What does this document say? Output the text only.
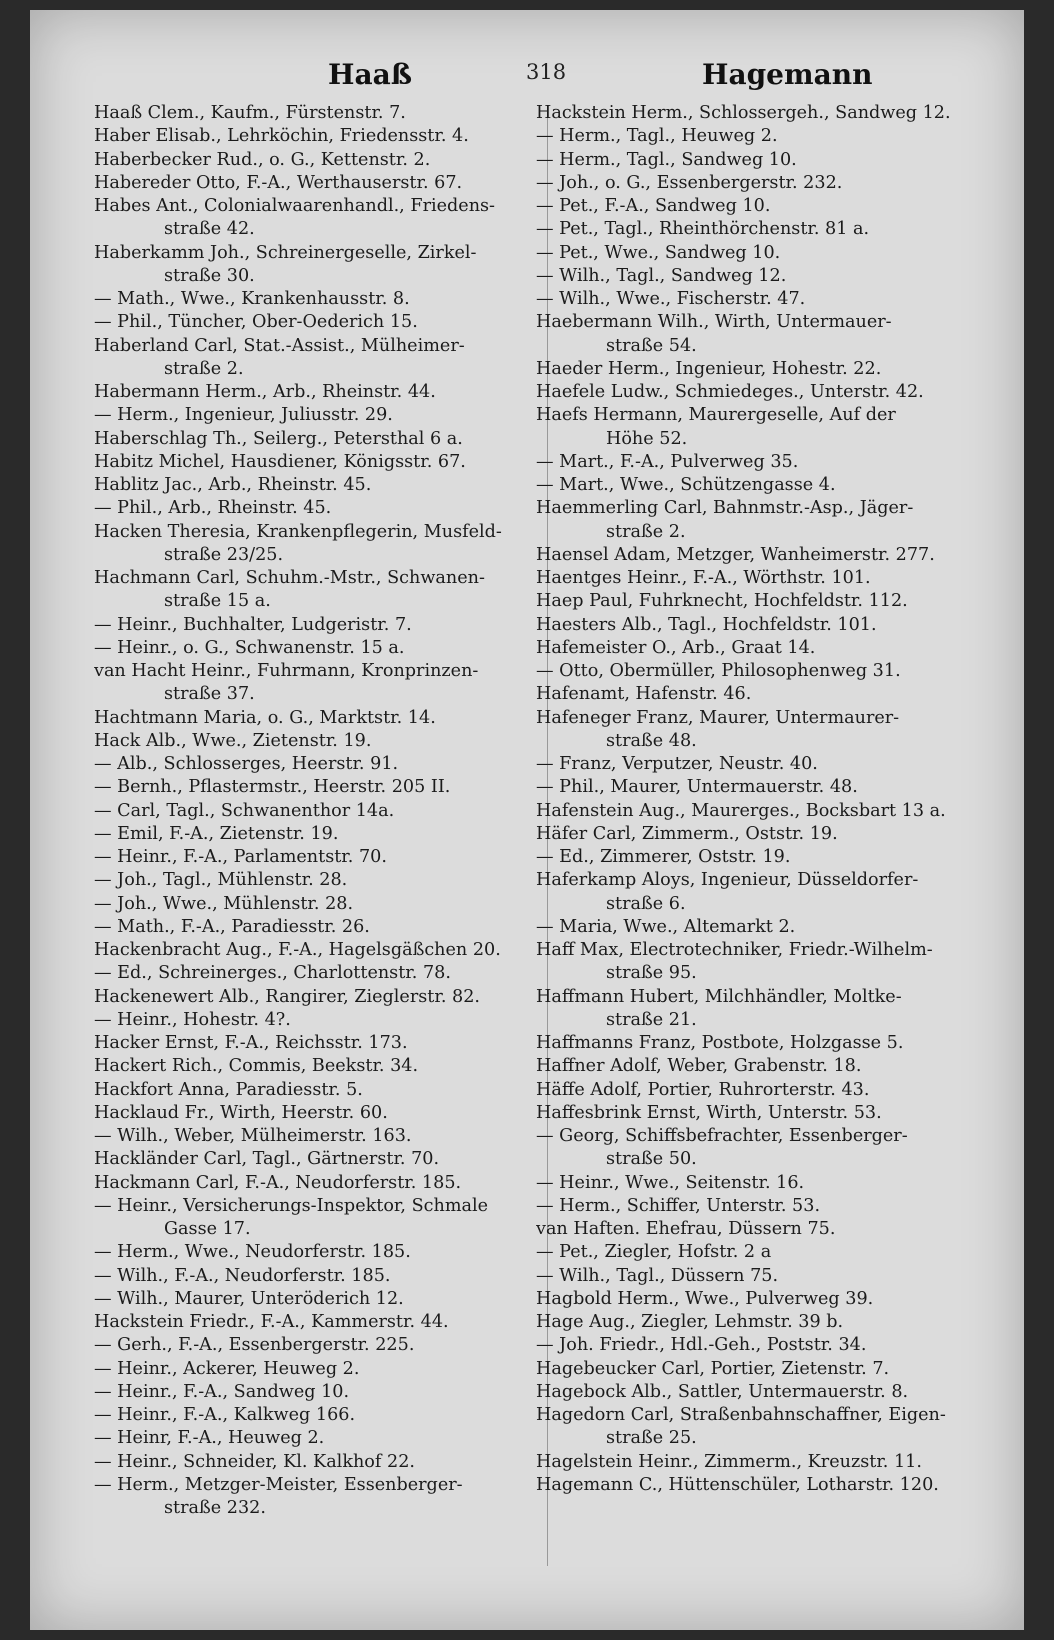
Haaß	318	Hagemann
Haaß Clem., Kaufm., Fürstenstr. 7.
Haber Elisab., Lehrköchin, Friedensstr. 4.
Haberbecker Rud., o. G., Kettenstr. 2.
Habereder Otto, F.-A., Werthauserstr. 67.
Habes Ant., Colonialwaarenhandl., Friedens-
straße 42.
Haberkamm Joh., Schreinergeselle, Zirkel-
straße 30.
— Math., Wwe., Krankenhausstr. 8.
— Phil., Tüncher, Ober-Oederich 15.
Haberland Carl, Stat.-Assist., Mülheimer-
straße 2.
Habermann Herm., Arb., Rheinstr. 44.
— Herm., Ingenieur, Juliusstr. 29.
Haberschlag Th., Seilerg., Petersthal 6 a.
Habitz Michel, Hausdiener, Königsstr. 67.
Hablitz Jac., Arb., Rheinstr. 45.
— Phil., Arb., Rheinstr. 45.
Hacken Theresia, Krankenpflegerin, Musfeld-
straße 23/25.
Hachmann Carl, Schuhm.-Mstr., Schwanen-
straße 15 a.
— Heinr., Buchhalter, Ludgeristr. 7.
— Heinr., o. G., Schwanenstr. 15 a.
van Hacht Heinr., Fuhrmann, Kronprinzen-
straße 37.
Hachtmann Maria, o. G., Marktstr. 14.
Hack Alb., Wwe., Zietenstr. 19.
— Alb., Schlosserges, Heerstr. 91.
— Bernh., Pflastermstr., Heerstr. 205 II.
— Carl, Tagl., Schwanenthor 14a.
— Emil, F.-A., Zietenstr. 19.
— Heinr., F.-A., Parlamentstr. 70.
— Joh., Tagl., Mühlenstr. 28.
— Joh., Wwe., Mühlenstr. 28.
— Math., F.-A., Paradiesstr. 26.
Hackenbracht Aug., F.-A., Hagelsgäßchen 20.
— Ed., Schreinerges., Charlottenstr. 78.
Hackenewert Alb., Rangirer, Zieglerstr. 82.
— Heinr., Hohestr. 4?.
Hacker Ernst, F.-A., Reichsstr. 173.
Hackert Rich., Commis, Beekstr. 34.
Hackfort Anna, Paradiesstr. 5.
Hacklaud Fr., Wirth, Heerstr. 60.
— Wilh., Weber, Mülheimerstr. 163.
Hackländer Carl, Tagl., Gärtnerstr. 70.
Hackmann Carl, F.-A., Neudorferstr. 185.
— Heinr., Versicherungs-Inspektor, Schmale
Gasse 17.
— Herm., Wwe., Neudorferstr. 185.
— Wilh., F.-A., Neudorferstr. 185.
— Wilh., Maurer, Unteröderich 12.
Hackstein Friedr., F.-A., Kammerstr. 44.
— Gerh., F.-A., Essenbergerstr. 225.
— Heinr., Ackerer, Heuweg 2.
— Heinr., F.-A., Sandweg 10.
— Heinr., F.-A., Kalkweg 166.
— Heinr, F.-A., Heuweg 2.
— Heinr., Schneider, Kl. Kalkhof 22.
— Herm., Metzger-Meister, Essenberger-
straße 232.
Hackstein Herm., Schlossergeh., Sandweg 12.
— Herm., Tagl., Heuweg 2.
— Herm., Tagl., Sandweg 10.
— Joh., o. G., Essenbergerstr. 232.
— Pet., F.-A., Sandweg 10.
— Pet., Tagl., Rheinthörchenstr. 81 a.
— Pet., Wwe., Sandweg 10.
— Wilh., Tagl., Sandweg 12.
— Wilh., Wwe., Fischerstr. 47.
Haebermann Wilh., Wirth, Untermauer-
straße 54.
Haeder Herm., Ingenieur, Hohestr. 22.
Haefele Ludw., Schmiedeges., Unterstr. 42.
Haefs Hermann, Maurergeselle, Auf der
Höhe 52.
— Mart., F.-A., Pulverweg 35.
— Mart., Wwe., Schützengasse 4.
Haemmerling Carl, Bahnmstr.-Asp., Jäger-
straße 2.
Haensel Adam, Metzger, Wanheimerstr. 277.
Haentges Heinr., F.-A., Wörthstr. 101.
Haep Paul, Fuhrknecht, Hochfeldstr. 112.
Haesters Alb., Tagl., Hochfeldstr. 101.
Hafemeister O., Arb., Graat 14.
— Otto, Obermüller, Philosophenweg 31.
Hafenamt, Hafenstr. 46.
Hafeneger Franz, Maurer, Untermaurer-
straße 48.
— Franz, Verputzer, Neustr. 40.
— Phil., Maurer, Untermauerstr. 48.
Hafenstein Aug., Maurerges., Bocksbart 13 a.
Häfer Carl, Zimmerm., Oststr. 19.
— Ed., Zimmerer, Oststr. 19.
Haferkamp Aloys, Ingenieur, Düsseldorfer-
straße 6.
— Maria, Wwe., Altemarkt 2.
Haff Max, Electrotechniker, Friedr.-Wilhelm-
straße 95.
Haffmann Hubert, Milchhändler, Moltke-
straße 21.
Haffmanns Franz, Postbote, Holzgasse 5.
Haffner Adolf, Weber, Grabenstr. 18.
Häffe Adolf, Portier, Ruhrorterstr. 43.
Haffesbrink Ernst, Wirth, Unterstr. 53.
— Georg, Schiffsbefrachter, Essenberger-
straße 50.
— Heinr., Wwe., Seitenstr. 16.
— Herm., Schiffer, Unterstr. 53.
van Haften. Ehefrau, Düssern 75.
— Pet., Ziegler, Hofstr. 2 a
— Wilh., Tagl., Düssern 75.
Hagbold Herm., Wwe., Pulverweg 39.
Hage Aug., Ziegler, Lehmstr. 39 b.
— Joh. Friedr., Hdl.-Geh., Poststr. 34.
Hagebeucker Carl, Portier, Zietenstr. 7.
Hagebock Alb., Sattler, Untermauerstr. 8.
Hagedorn Carl, Straßenbahnschaffner, Eigen-
straße 25.
Hagelstein Heinr., Zimmerm., Kreuzstr. 11.
Hagemann C., Hüttenschüler, Lotharstr. 120.
